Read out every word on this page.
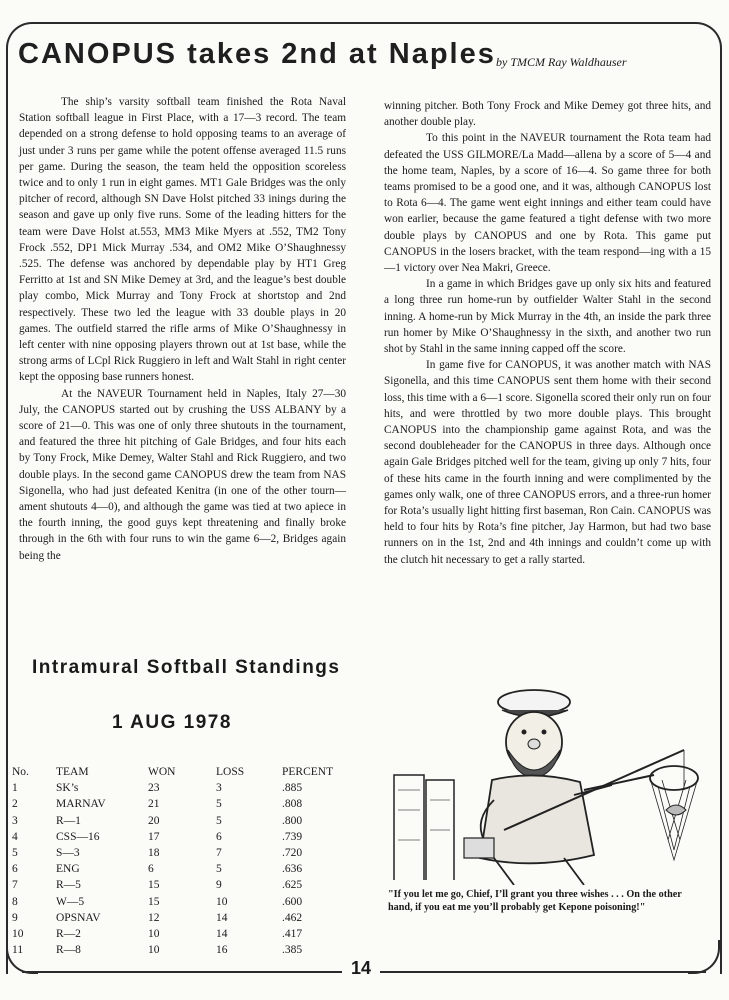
CANOPUS takes 2nd at Naples by TMCM Ray Waldhauser

The ship’s varsity softball team finished the Rota Naval Station softball league in First Place, with a 17—3 record. The team depended on a strong defense to hold opposing teams to an average of just under 3 runs per game while the potent offense averaged 11.5 runs per game. During the season, the team held the opposition scoreless twice and to only 1 run in eight games. MT1 Gale Bridges was the only pitcher of record, although SN Dave Holst pitched 33 inings during the season and gave up only five runs. Some of the leading hitters for the team were Dave Holst at.553, MM3 Mike Myers at .552, TM2 Tony Frock .552, DP1 Mick Murray .534, and OM2 Mike O’Shaughnessy .525. The defense was anchored by dependable play by HT1 Greg Ferritto at 1st and SN Mike Demey at 3rd, and the league’s best double play combo, Mick Murray and Tony Frock at shortstop and 2nd respectively. These two led the league with 33 double plays in 20 games. The outfield starred the rifle arms of Mike O’Shaughnessy in left center with nine opposing players thrown out at 1st base, while the strong arms of LCpl Rick Ruggiero in left and Walt Stahl in right center kept the opposing base runners honest.

At the NAVEUR Tournament held in Naples, Italy 27—30 July, the CANOPUS started out by crushing the USS ALBANY by a score of 21—0. This was one of only three shutouts in the tournament, and featured the three hit pitching of Gale Bridges, and four hits each by Tony Frock, Mike Demey, Walter Stahl and Rick Ruggiero, and two double plays. In the second game CANOPUS drew the team from NAS Sigonella, who had just defeated Kenitra (in one of the other tourn—ament shutouts 4—0), and although the game was tied at two apiece in the fourth inning, the good guys kept threatening and finally broke through in the 6th with four runs to win the game 6—2, Bridges again being the

winning pitcher. Both Tony Frock and Mike Demey got three hits, and another double play.

To this point in the NAVEUR tournament the Rota team had defeated the USS GILMORE/La Madd—allena by a score of 5—4 and the home team, Naples, by a score of 16—4. So game three for both teams promised to be a good one, and it was, although CANOPUS lost to Rota 6—4. The game went eight innings and either team could have won earlier, because the game featured a tight defense with two more double plays by CANOPUS and one by Rota. This game put CANOPUS in the losers bracket, with the team respond—ing with a 15—1 victory over Nea Makri, Greece.

In a game in which Bridges gave up only six hits and featured a long three run home-run by outfielder Walter Stahl in the second inning. A home-run by Mick Murray in the 4th, an inside the park three run homer by Mike O’Shaughnessy in the sixth, and another two run shot by Stahl in the same inning capped off the score.

In game five for CANOPUS, it was another match with NAS Sigonella, and this time CANOPUS sent them home with their second loss, this time with a 6—1 score. Sigonella scored their only run on four hits, and were throttled by two more double plays. This brought CANOPUS into the championship game against Rota, and was the second doubleheader for the CANOPUS in three days. Although once again Gale Bridges pitched well for the team, giving up only 7 hits, four of these hits came in the fourth inning and were complimented by the games only walk, one of three CANOPUS errors, and a three-run homer for Rota’s usually light hitting first baseman, Ron Cain. CANOPUS was held to four hits by Rota’s fine pitcher, Jay Harmon, but had two base runners on in the 1st, 2nd and 4th innings and couldn’t come up with the clutch hit necessary to get a rally started.

Intramural Softball Standings
1 AUG 1978
No.	TEAM	WON	LOSS	PERCENT
1	SK’s	23	3	.885
2	MARNAV	21	5	.808
3	R—1	20	5	.800
4	CSS—16	17	6	.739
5	S—3	18	7	.720
6	ENG	6	5	.636
7	R—5	15	9	.625
8	W—5	15	10	.600
9	OPSNAV	12	14	.462
10	R—2	10	14	.417
11	R—8	10	16	.385
"If you let me go, Chief, I’ll grant you three wishes . . . On the other hand, if you eat me you’ll probably get Kepone poisoning!"
14
